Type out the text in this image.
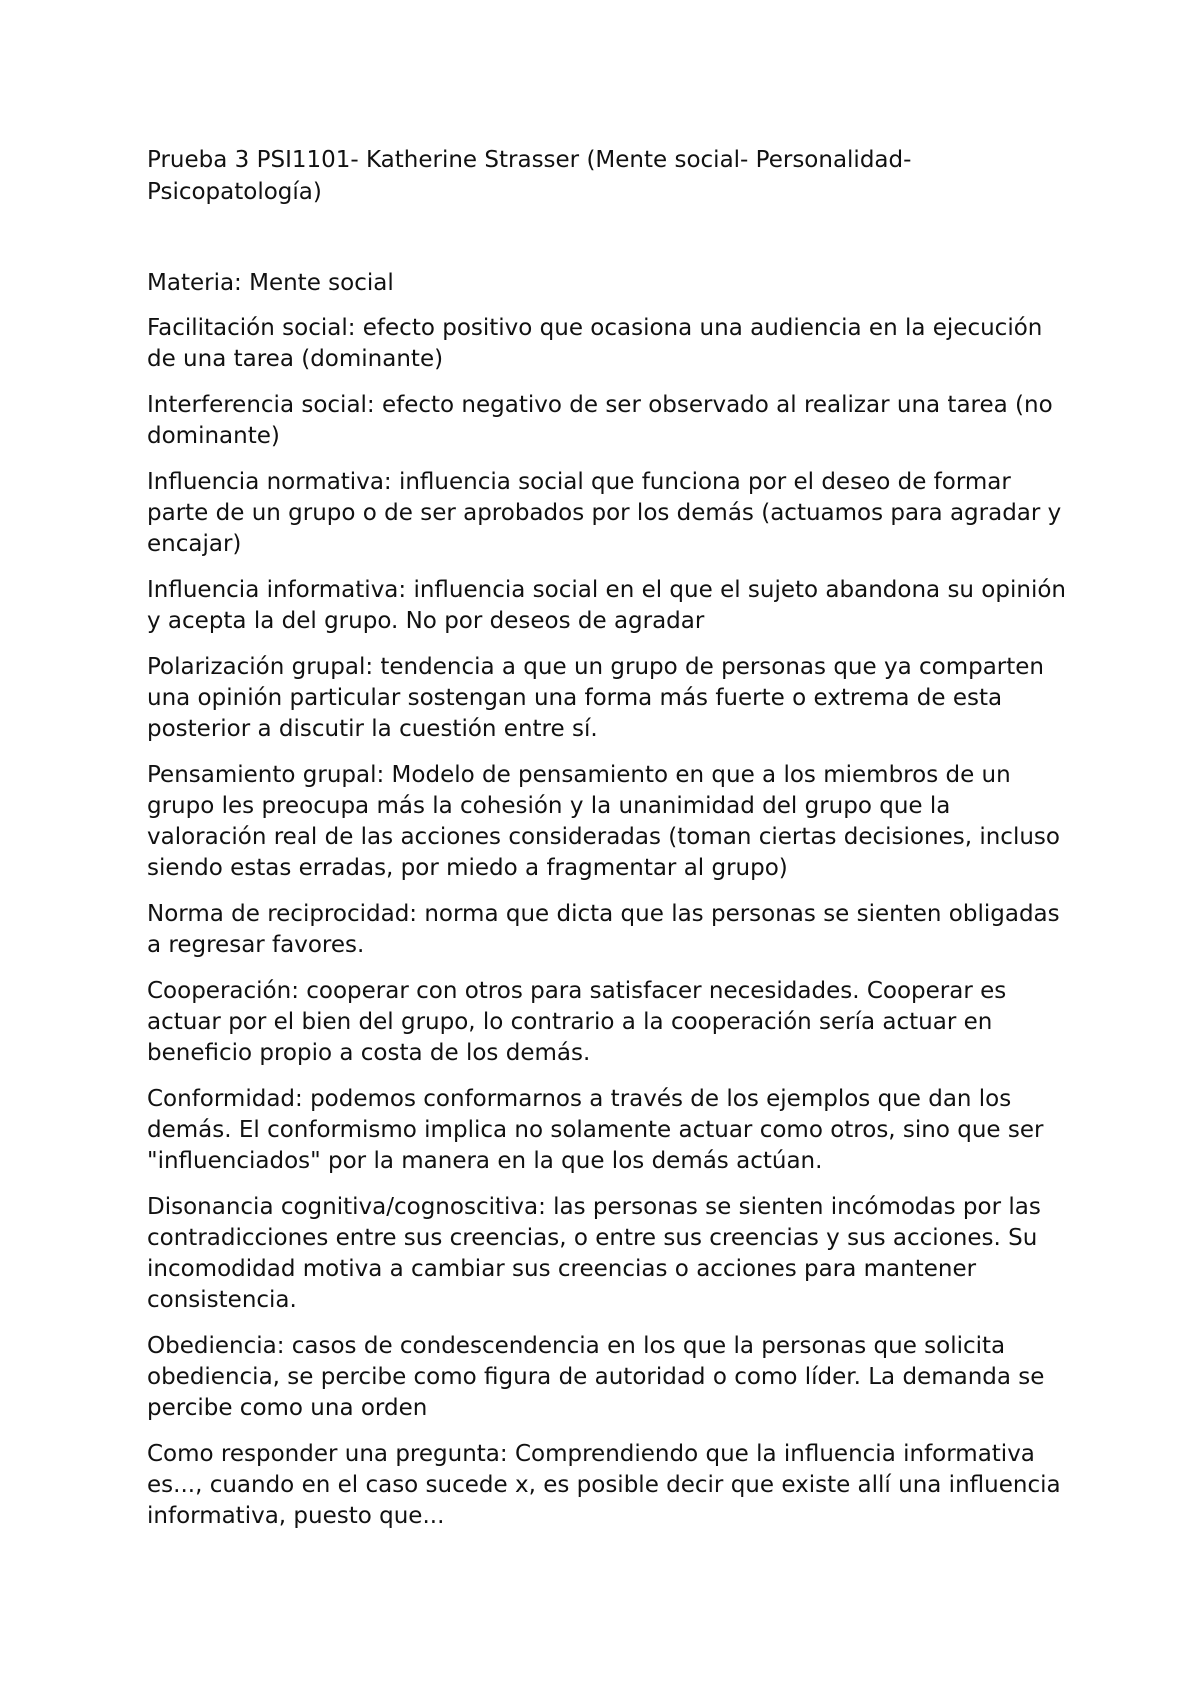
Prueba 3 PSI1101- Katherine Strasser (Mente social- Personalidad- Psicopatología)

Materia: Mente social

Facilitación social: efecto positivo que ocasiona una audiencia en la ejecución de una tarea (dominante)

Interferencia social: efecto negativo de ser observado al realizar una tarea (no dominante)

Influencia normativa: influencia social que funciona por el deseo de formar parte de un grupo o de ser aprobados por los demás (actuamos para agradar y encajar)

Influencia informativa: influencia social en el que el sujeto abandona su opinión y acepta la del grupo. No por deseos de agradar

Polarización grupal: tendencia a que un grupo de personas que ya comparten una opinión particular sostengan una forma más fuerte o extrema de esta posterior a discutir la cuestión entre sí.

Pensamiento grupal: Modelo de pensamiento en que a los miembros de un grupo les preocupa más la cohesión y la unanimidad del grupo que la valoración real de las acciones consideradas (toman ciertas decisiones, incluso siendo estas erradas, por miedo a fragmentar al grupo)

Norma de reciprocidad: norma que dicta que las personas se sienten obligadas a regresar favores.

Cooperación: cooperar con otros para satisfacer necesidades. Cooperar es actuar por el bien del grupo, lo contrario a la cooperación sería actuar en beneficio propio a costa de los demás.

Conformidad: podemos conformarnos a través de los ejemplos que dan los demás. El conformismo implica no solamente actuar como otros, sino que ser "influenciados" por la manera en la que los demás actúan.

Disonancia cognitiva/cognoscitiva: las personas se sienten incómodas por las contradicciones entre sus creencias, o entre sus creencias y sus acciones. Su incomodidad motiva a cambiar sus creencias o acciones para mantener consistencia.

Obediencia: casos de condescendencia en los que la personas que solicita obediencia, se percibe como figura de autoridad o como líder. La demanda se percibe como una orden

Como responder una pregunta: Comprendiendo que la influencia informativa es..., cuando en el caso sucede x, es posible decir que existe allí una influencia informativa, puesto que...
